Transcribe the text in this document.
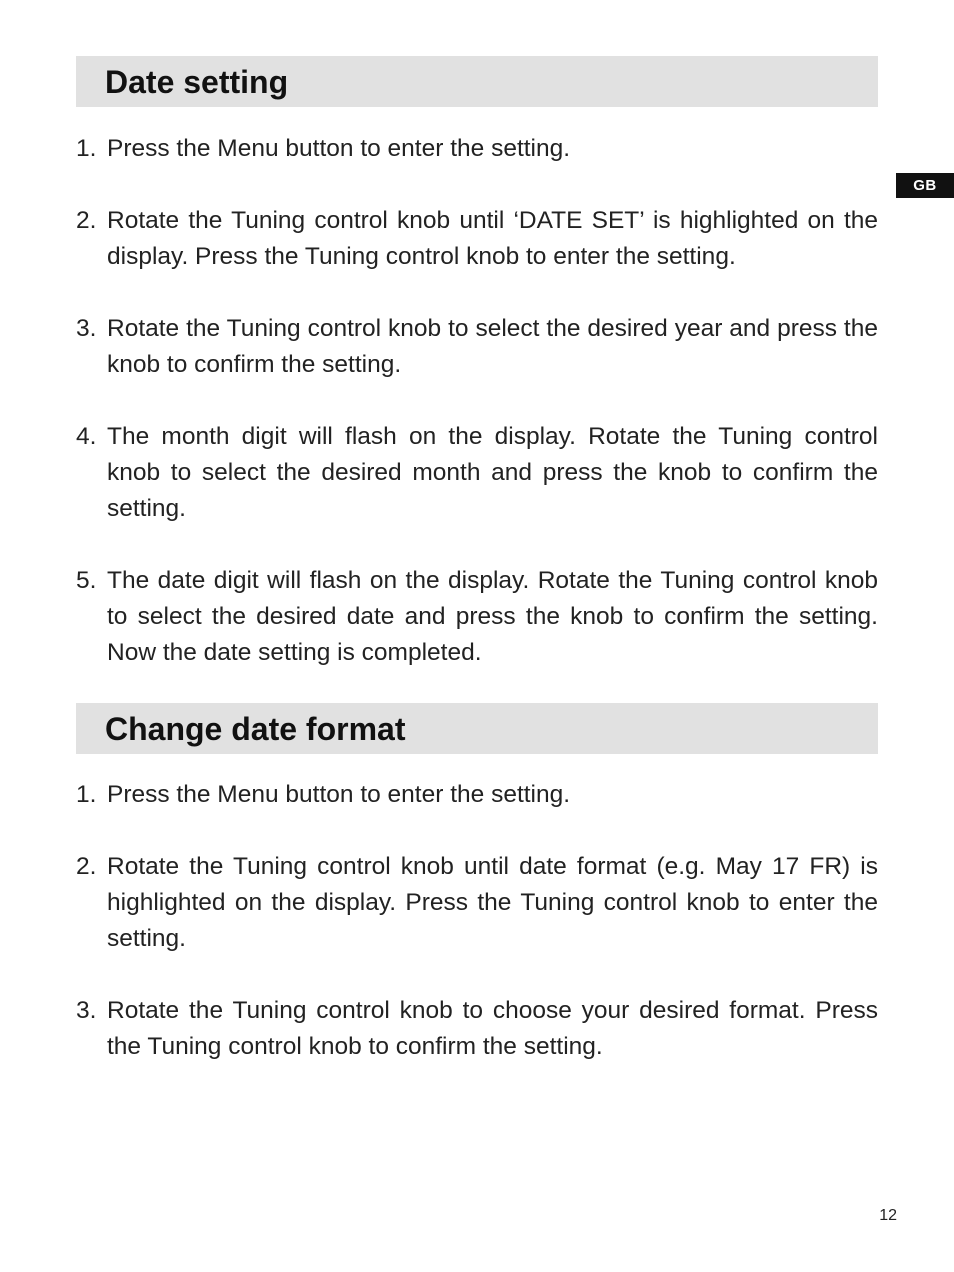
GB
Date setting
1. Press the Menu button to enter the setting.
2. Rotate the Tuning control knob until ‘DATE SET’ is highlighted on the display. Press the Tuning control knob to enter the setting.
3. Rotate the Tuning control knob to select the desired year and press the knob to confirm the setting.
4. The month digit will flash on the display. Rotate the Tuning control knob to select the desired month and press the knob to confirm the setting.
5. The date digit will flash on the display. Rotate the Tuning control knob to select the desired date and press the knob to confirm the setting. Now the date setting is completed.
Change date format
1. Press the Menu button to enter the setting.
2. Rotate the Tuning control knob until date format (e.g. May 17 FR) is highlighted on the display. Press the Tuning control knob to enter the setting.
3. Rotate the Tuning control knob to choose your desired format. Press the Tuning control knob to confirm the setting.
12
